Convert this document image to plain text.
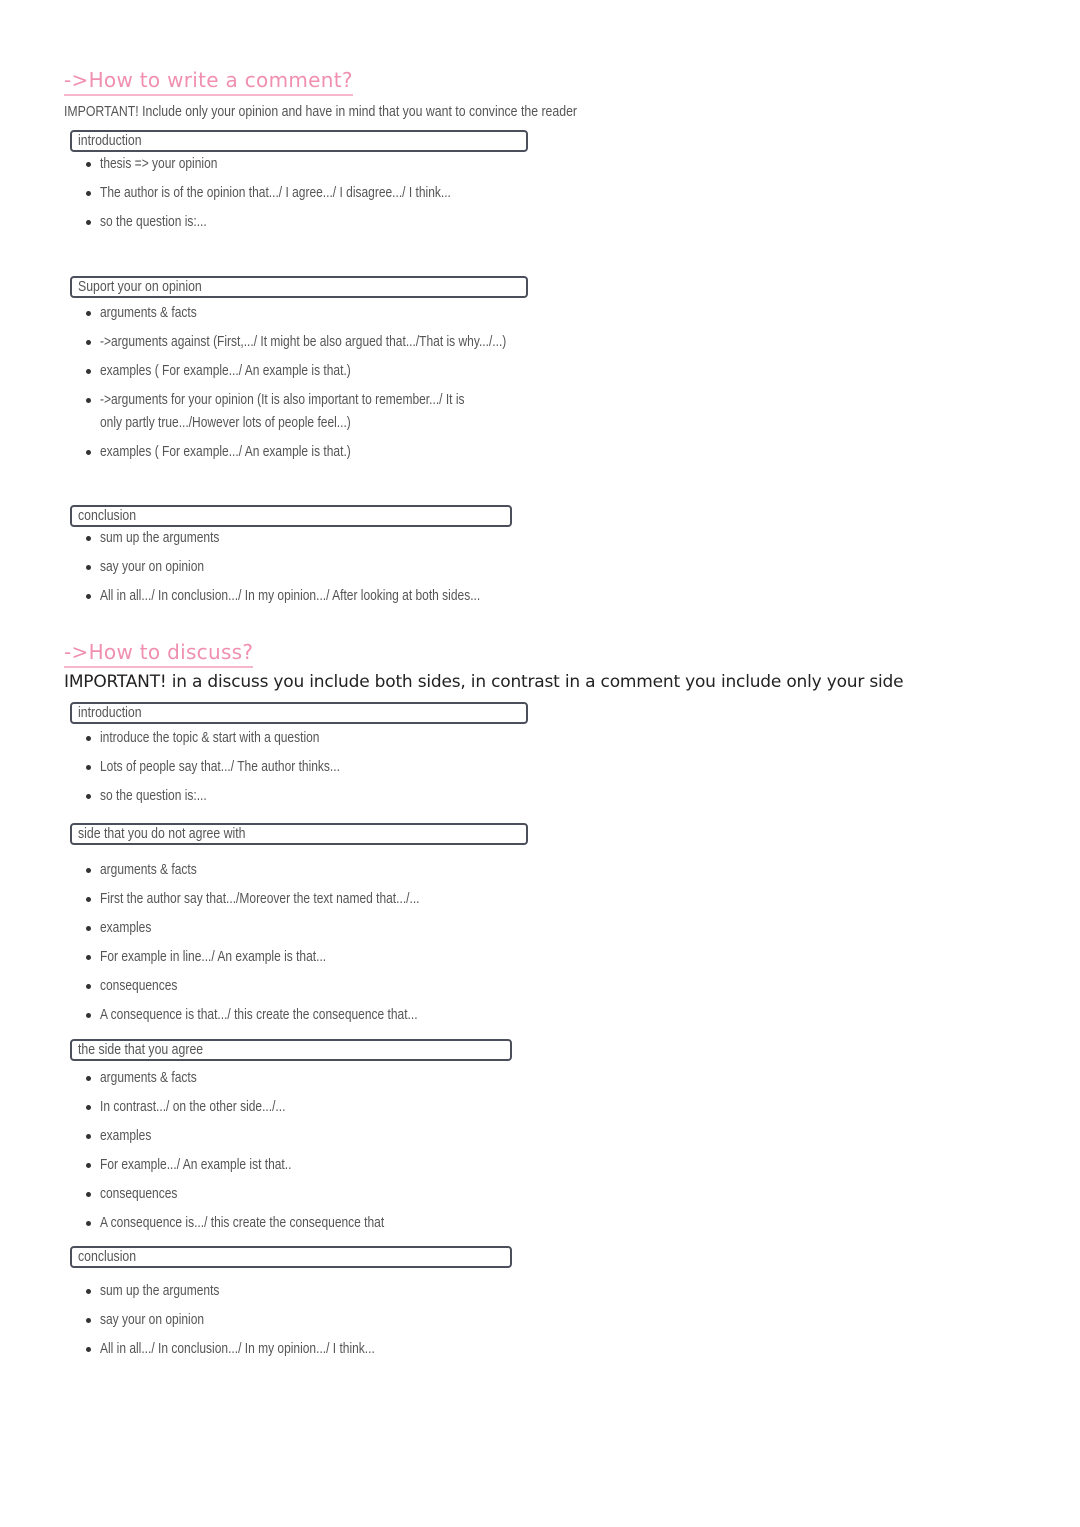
->How to write a comment?
IMPORTANT! Include only your opinion and have in mind that you want to convince the reader
introduction
thesis => your opinion
The author is of the opinion that.../ I agree.../ I disagree.../ I think...
so the question is:...
Suport your on opinion
arguments & facts
->arguments against (First,.../ It might be also argued that.../That is why.../...)
examples ( For example.../ An example is that.)
->arguments for your opinion (It is also important to remember.../ It is only partly true.../However lots of people feel...)
examples ( For example.../ An example is that.)
conclusion
sum up the arguments
say your on opinion
All in all.../ In conclusion.../ In my opinion.../ After looking at both sides...
->How to discuss?
IMPORTANT! in a discuss you include both sides, in contrast in a comment you include only your side
introduction
introduce the topic & start with a question
Lots of people say that.../ The author thinks...
so the question is:...
side that you do not agree with
arguments & facts
First the author say that.../Moreover the text named that.../...
examples
For example in line.../ An example is that...
consequences
A consequence is that.../ this create the consequence that...
the side that you agree
arguments & facts
In contrast.../ on the other side.../...
examples
For example.../ An example ist that..
consequences
A consequence is.../ this create the consequence that
conclusion
sum up the arguments
say your on opinion
All in all.../ In conclusion.../ In my opinion.../ I think...
